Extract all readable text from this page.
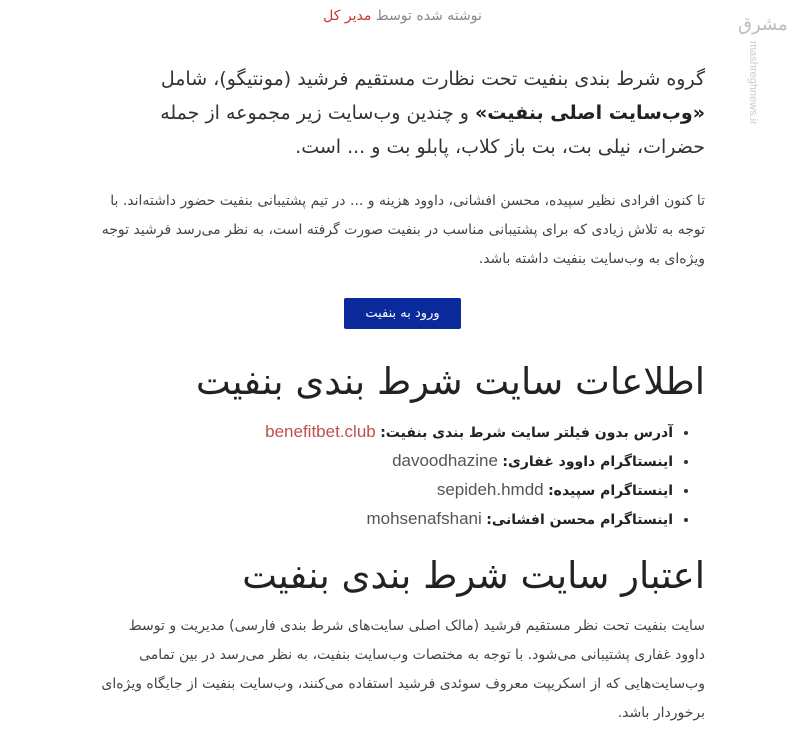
نوشته شده توسط مدیر کل	مشرق
mashreghnews.ir

گروه شرط بندی بنفیت تحت نظارت مستقیم فرشید (مونتیگو)، شامل «وب‌سایت اصلی بنفیت» و چندین وب‌سایت زیر مجموعه از جمله حضرات، نیلی بت، بت باز کلاب، پابلو بت و ... است.

تا کنون افرادی نظیر سپیده، محسن افشانی، داوود هزینه و ... در تیم پشتیبانی بنفیت حضور داشته‌اند. با توجه به تلاش زیادی که برای پشتیبانی مناسب در بنفیت صورت گرفته است، به نظر می‌رسد فرشید توجه ویژه‌ای به وب‌سایت بنفیت داشته باشد.

ورود به بنفیت
اطلاعات سایت شرط بندی بنفیت
• آدرس بدون فیلتر سایت شرط بندی بنفیت: benefitbet.club
• اینستاگرام داوود غفاری: davoodhazine
• اینستاگرام سپیده: sepideh.hmdd
• اینستاگرام محسن افشانی: mohsenafshani
اعتبار سایت شرط بندی بنفیت

سایت بنفیت تحت نظر مستقیم فرشید (مالک اصلی سایت‌های شرط بندی فارسی) مدیریت و توسط داوود غفاری پشتیبانی می‌شود. با توجه به مختصات وب‌سایت بنفیت، به نظر می‌رسد در بین تمامی وب‌سایت‌هایی که از اسکریپت معروف سوئدی فرشید استفاده می‌کنند، وب‌سایت بنفیت از جایگاه ویژه‌ای برخوردار باشد.
